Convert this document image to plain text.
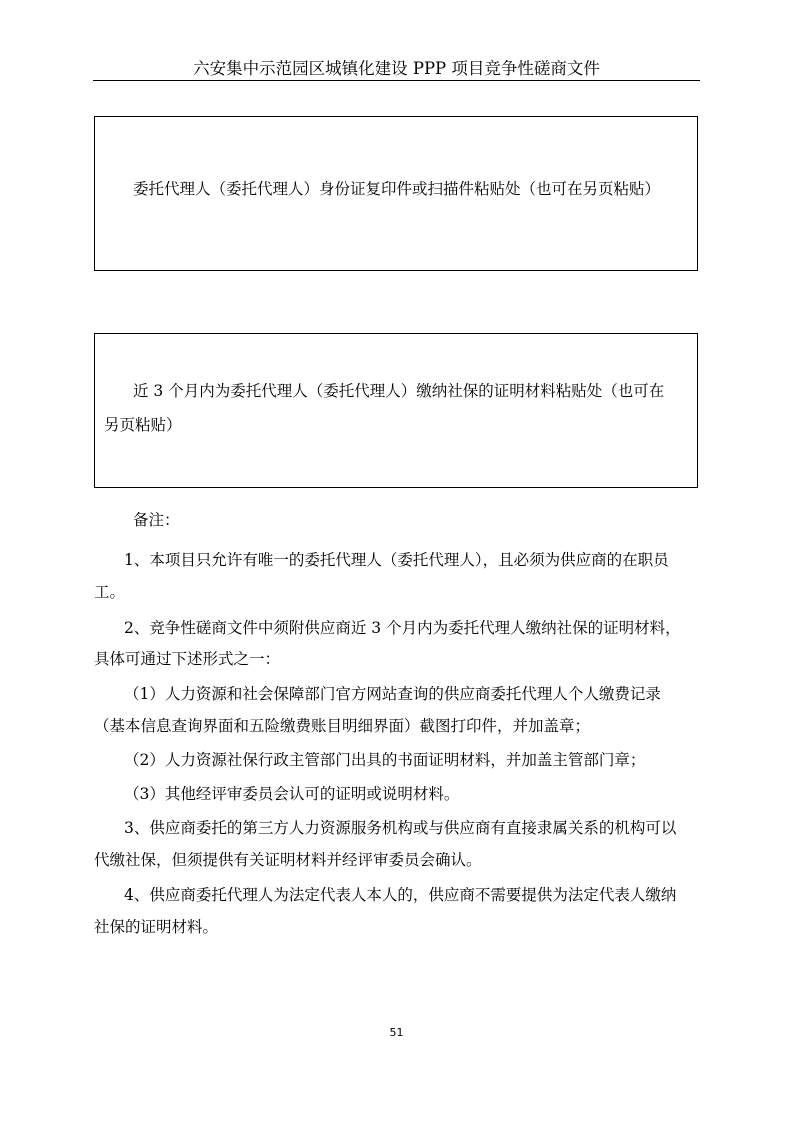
六安集中示范园区城镇化建设 PPP 项目竞争性磋商文件
委托代理人（委托代理人）身份证复印件或扫描件粘贴处（也可在另页粘贴）
近 3 个月内为委托代理人（委托代理人）缴纳社保的证明材料粘贴处（也可在
另页粘贴）
备注：
1、本项目只允许有唯一的委托代理人（委托代理人），且必须为供应商的在职员
工。
2、竞争性磋商文件中须附供应商近 3 个月内为委托代理人缴纳社保的证明材料，
具体可通过下述形式之一：
（1）人力资源和社会保障部门官方网站查询的供应商委托代理人个人缴费记录
（基本信息查询界面和五险缴费账目明细界面）截图打印件，并加盖章；
（2）人力资源社保行政主管部门出具的书面证明材料，并加盖主管部门章；
（3）其他经评审委员会认可的证明或说明材料。
3、供应商委托的第三方人力资源服务机构或与供应商有直接隶属关系的机构可以
代缴社保，但须提供有关证明材料并经评审委员会确认。
4、供应商委托代理人为法定代表人本人的，供应商不需要提供为法定代表人缴纳
社保的证明材料。
51
